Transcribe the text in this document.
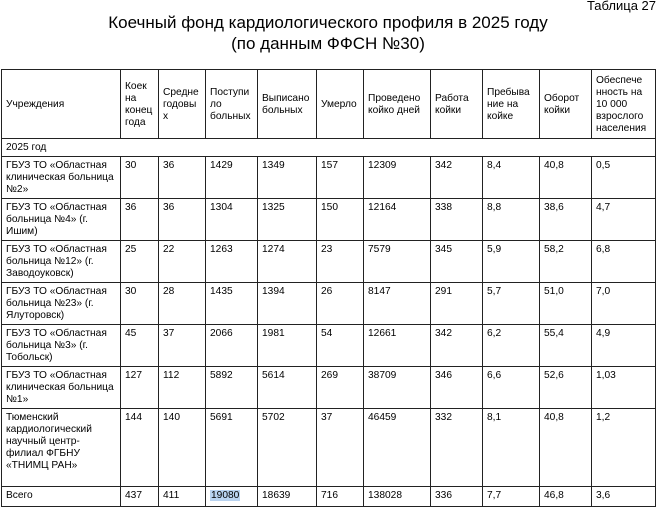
Таблица 27
Коечный фонд кардиологического профиля в 2025 году
(по данным ФФСН №30)
Учреждения	Коек на конец года	Средне годовы х	Поступи ло больных	Выписано больных	Умерло	Проведено койко дней	Работа койки	Пребыва ние на койке	Оборот койки	Обеспече нность на 10 000 взрослого населения
2025 год										
ГБУЗ ТО «Областная клиническая больница №2»	30	36	1429	1349	157	12309	342	8,4	40,8	0,5
ГБУЗ ТО «Областная больница №4» (г. Ишим)	36	36	1304	1325	150	12164	338	8,8	38,6	4,7
ГБУЗ ТО «Областная больница №12» (г. Заводоуковск)	25	22	1263	1274	23	7579	345	5,9	58,2	6,8
ГБУЗ ТО «Областная больница №23» (г. Ялуторовск)	30	28	1435	1394	26	8147	291	5,7	51,0	7,0
ГБУЗ ТО «Областная больница №3» (г. Тобольск)	45	37	2066	1981	54	12661	342	6,2	55,4	4,9
ГБУЗ ТО «Областная клиническая больница №1»	127	112	5892	5614	269	38709	346	6,6	52,6	1,03
Тюменский кардиологический научный центр-филиал ФГБНУ «ТНИМЦ РАН»	144	140	5691	5702	37	46459	332	8,1	40,8	1,2
Всего	437	411	19080	18639	716	138028	336	7,7	46,8	3,6
